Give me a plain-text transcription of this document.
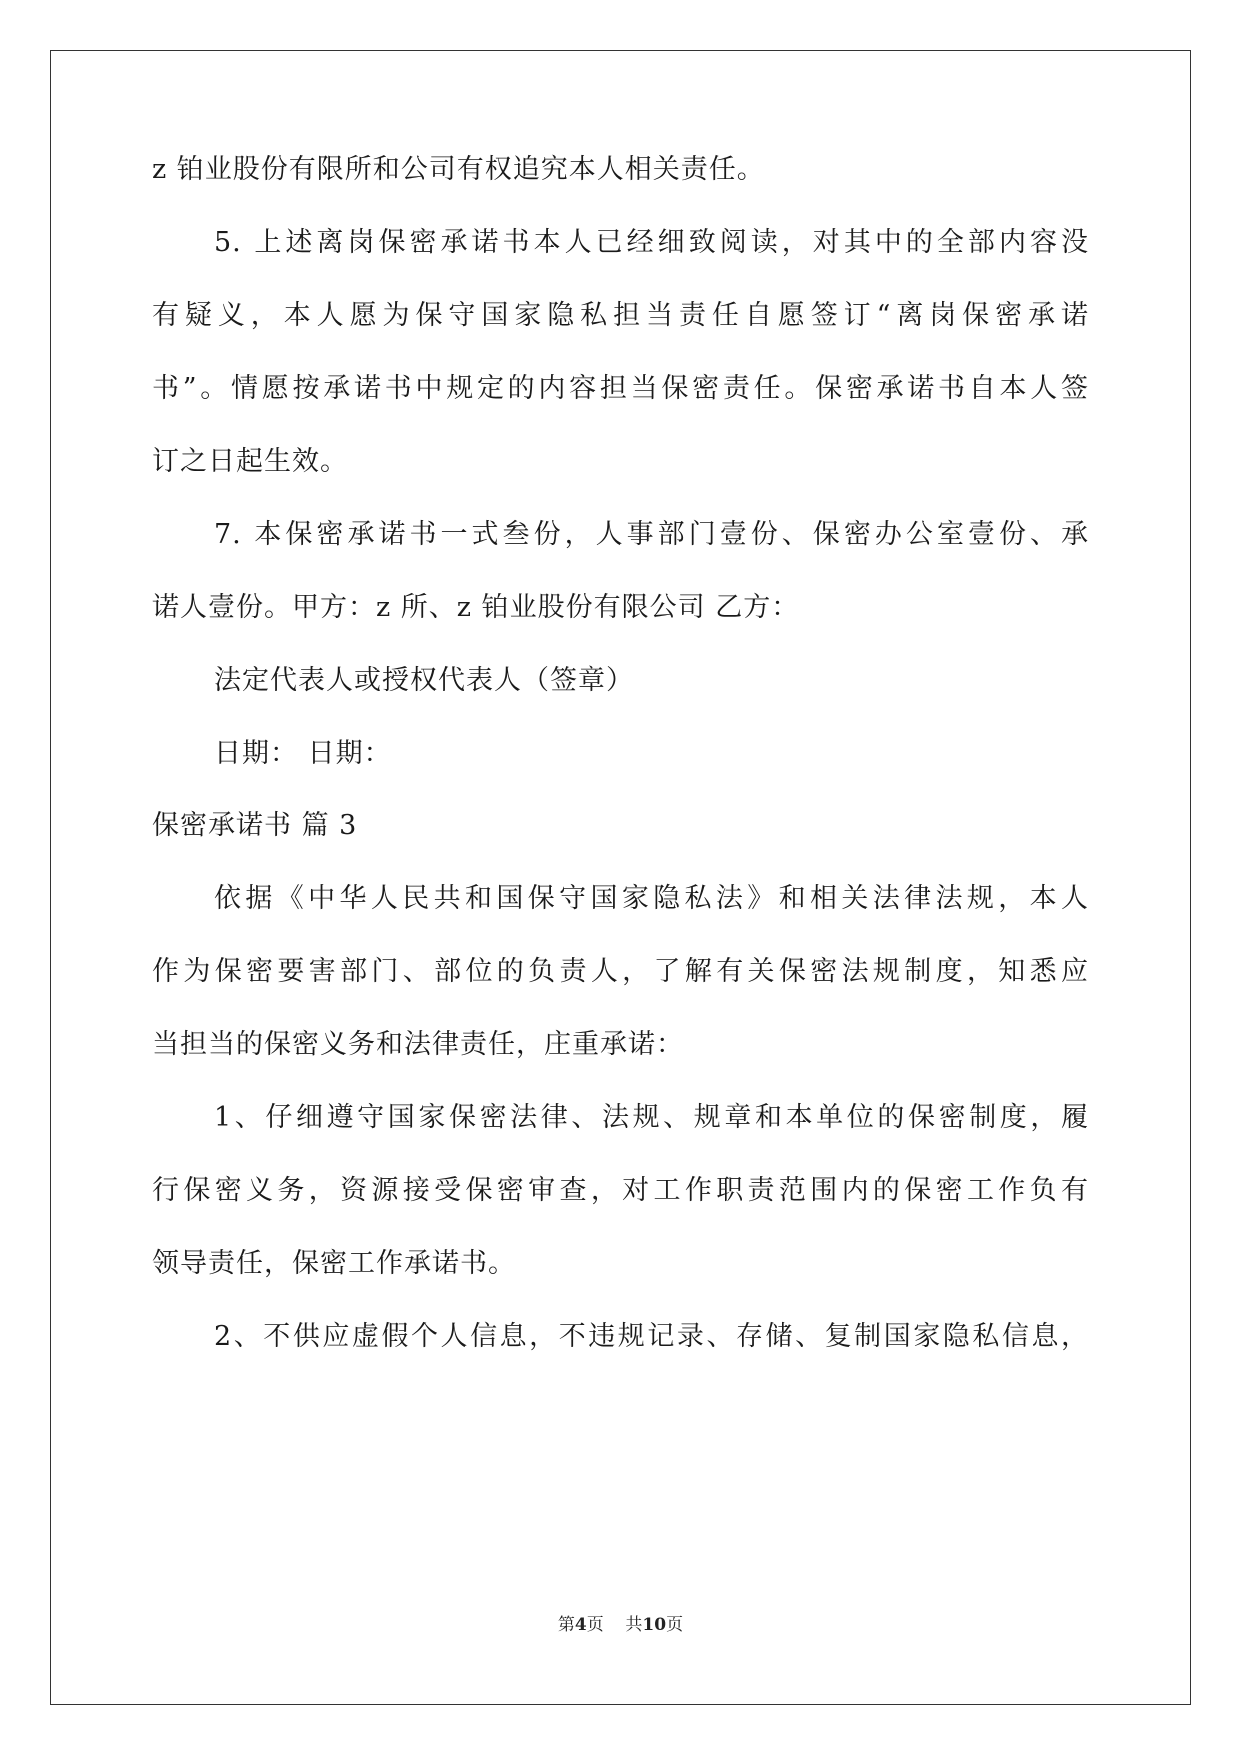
z 铂业股份有限所和公司有权追究本人相关责任。
5. 上述离岗保密承诺书本人已经细致阅读，对其中的全部内容没
有疑义，本人愿为保守国家隐私担当责任自愿签订“离岗保密承诺
书”。情愿按承诺书中规定的内容担当保密责任。保密承诺书自本人签
订之日起生效。
7. 本保密承诺书一式叁份，人事部门壹份、保密办公室壹份、承
诺人壹份。甲方：z 所、z 铂业股份有限公司 乙方：
法定代表人或授权代表人（签章）
日期： 日期：
保密承诺书 篇 3
依据《中华人民共和国保守国家隐私法》和相关法律法规，本人
作为保密要害部门、部位的负责人，了解有关保密法规制度，知悉应
当担当的保密义务和法律责任，庄重承诺：
1、仔细遵守国家保密法律、法规、规章和本单位的保密制度，履
行保密义务，资源接受保密审查，对工作职责范围内的保密工作负有
领导责任，保密工作承诺书。
2、不供应虚假个人信息，不违规记录、存储、复制国家隐私信息，
第4页    共10页
